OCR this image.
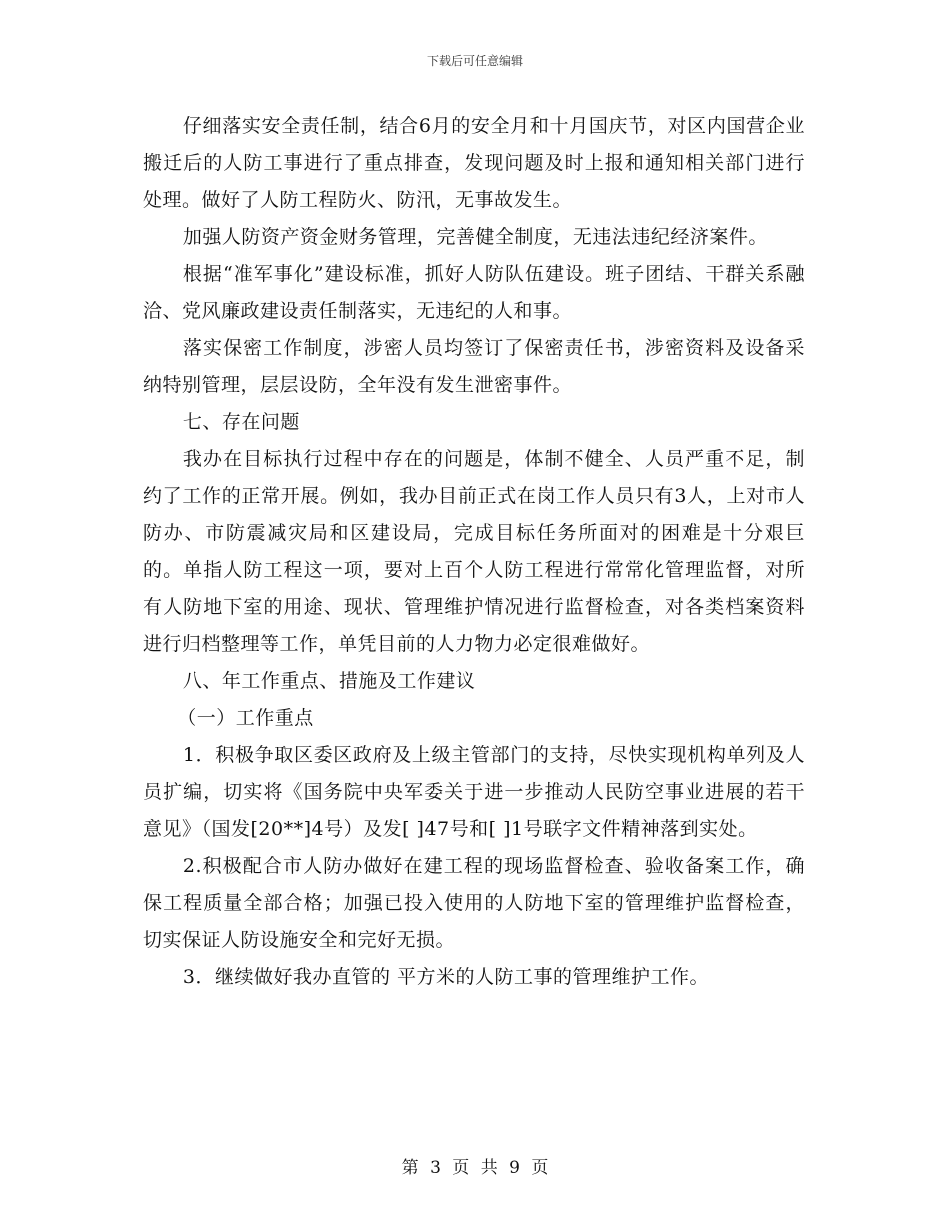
下载后可任意编辑

仔细落实安全责任制，结合6月的安全月和十月国庆节，对区内国营企业搬迁后的人防工事进行了重点排查，发现问题及时上报和通知相关部门进行处理。做好了人防工程防火、防汛，无事故发生。

加强人防资产资金财务管理，完善健全制度，无违法违纪经济案件。

根据“准军事化”建设标准，抓好人防队伍建设。班子团结、干群关系融洽、党风廉政建设责任制落实，无违纪的人和事。

落实保密工作制度，涉密人员均签订了保密责任书，涉密资料及设备采纳特别管理，层层设防，全年没有发生泄密事件。

七、存在问题

我办在目标执行过程中存在的问题是，体制不健全、人员严重不足，制约了工作的正常开展。例如，我办目前正式在岗工作人员只有3人，上对市人防办、市防震减灾局和区建设局，完成目标任务所面对的困难是十分艰巨的。单指人防工程这一项，要对上百个人防工程进行常常化管理监督，对所有人防地下室的用途、现状、管理维护情况进行监督检查，对各类档案资料进行归档整理等工作，单凭目前的人力物力必定很难做好。

八、年工作重点、措施及工作建议

（一）工作重点

1．积极争取区委区政府及上级主管部门的支持，尽快实现机构单列及人员扩编，切实将《国务院中央军委关于进一步推动人民防空事业进展的若干意见》（国发[20**]4号）及发[ ]47号和[ ]1号联字文件精神落到实处。

2.积极配合市人防办做好在建工程的现场监督检查、验收备案工作，确保工程质量全部合格；加强已投入使用的人防地下室的管理维护监督检查，切实保证人防设施安全和完好无损。

3．继续做好我办直管的 平方米的人防工事的管理维护工作。

第 3 页 共 9 页
